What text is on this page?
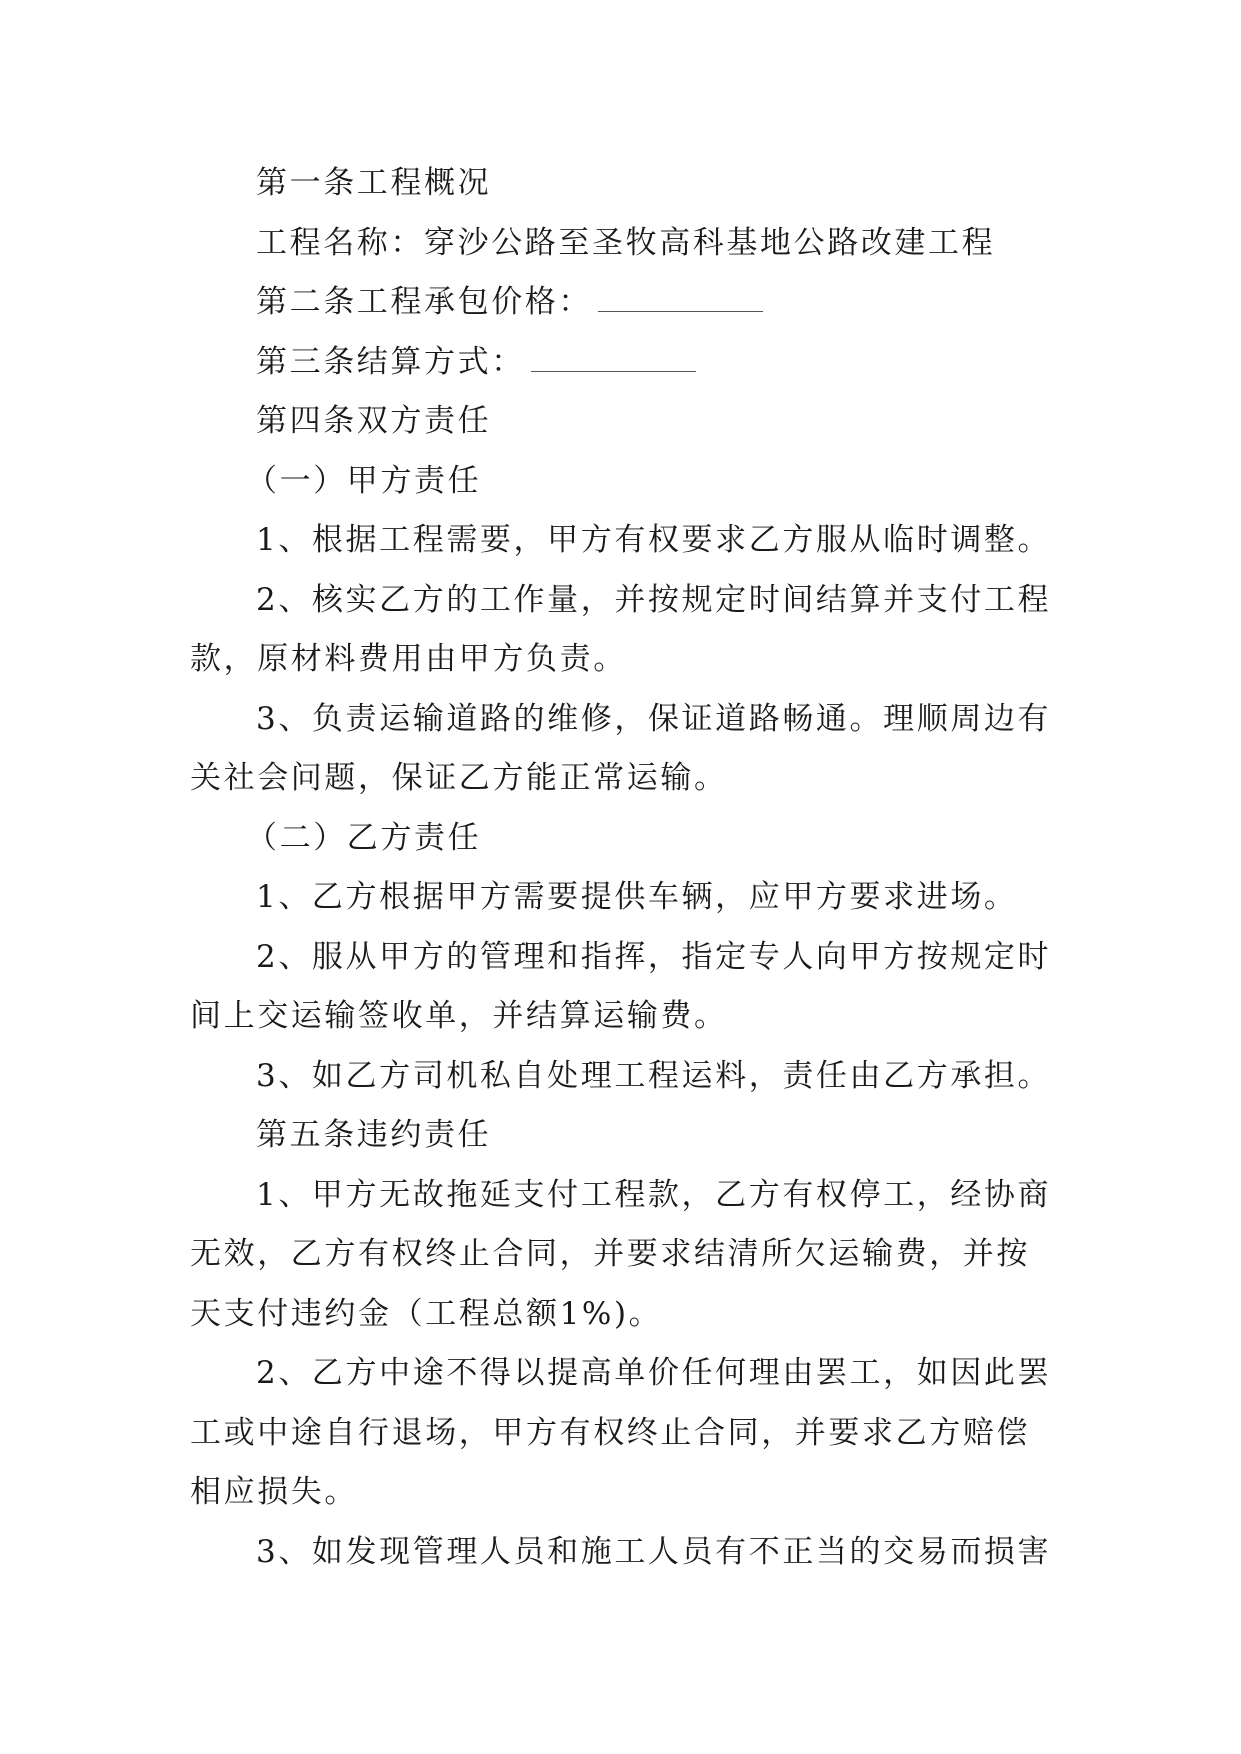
第一条工程概况

工程名称：穿沙公路至圣牧高科基地公路改建工程

第二条工程承包价格：

第三条结算方式：

第四条双方责任

（一）甲方责任

1、根据工程需要，甲方有权要求乙方服从临时调整。

2、核实乙方的工作量，并按规定时间结算并支付工程款，原材料费用由甲方负责。

3、负责运输道路的维修，保证道路畅通。理顺周边有关社会问题，保证乙方能正常运输。

（二）乙方责任

1、乙方根据甲方需要提供车辆，应甲方要求进场。

2、服从甲方的管理和指挥，指定专人向甲方按规定时间上交运输签收单，并结算运输费。

3、如乙方司机私自处理工程运料，责任由乙方承担。

第五条违约责任

1、甲方无故拖延支付工程款，乙方有权停工，经协商无效，乙方有权终止合同，并要求结清所欠运输费，并按天支付违约金（工程总额1%)。

2、乙方中途不得以提高单价任何理由罢工，如因此罢工或中途自行退场，甲方有权终止合同，并要求乙方赔偿相应损失。

3、如发现管理人员和施工人员有不正当的交易而损害
